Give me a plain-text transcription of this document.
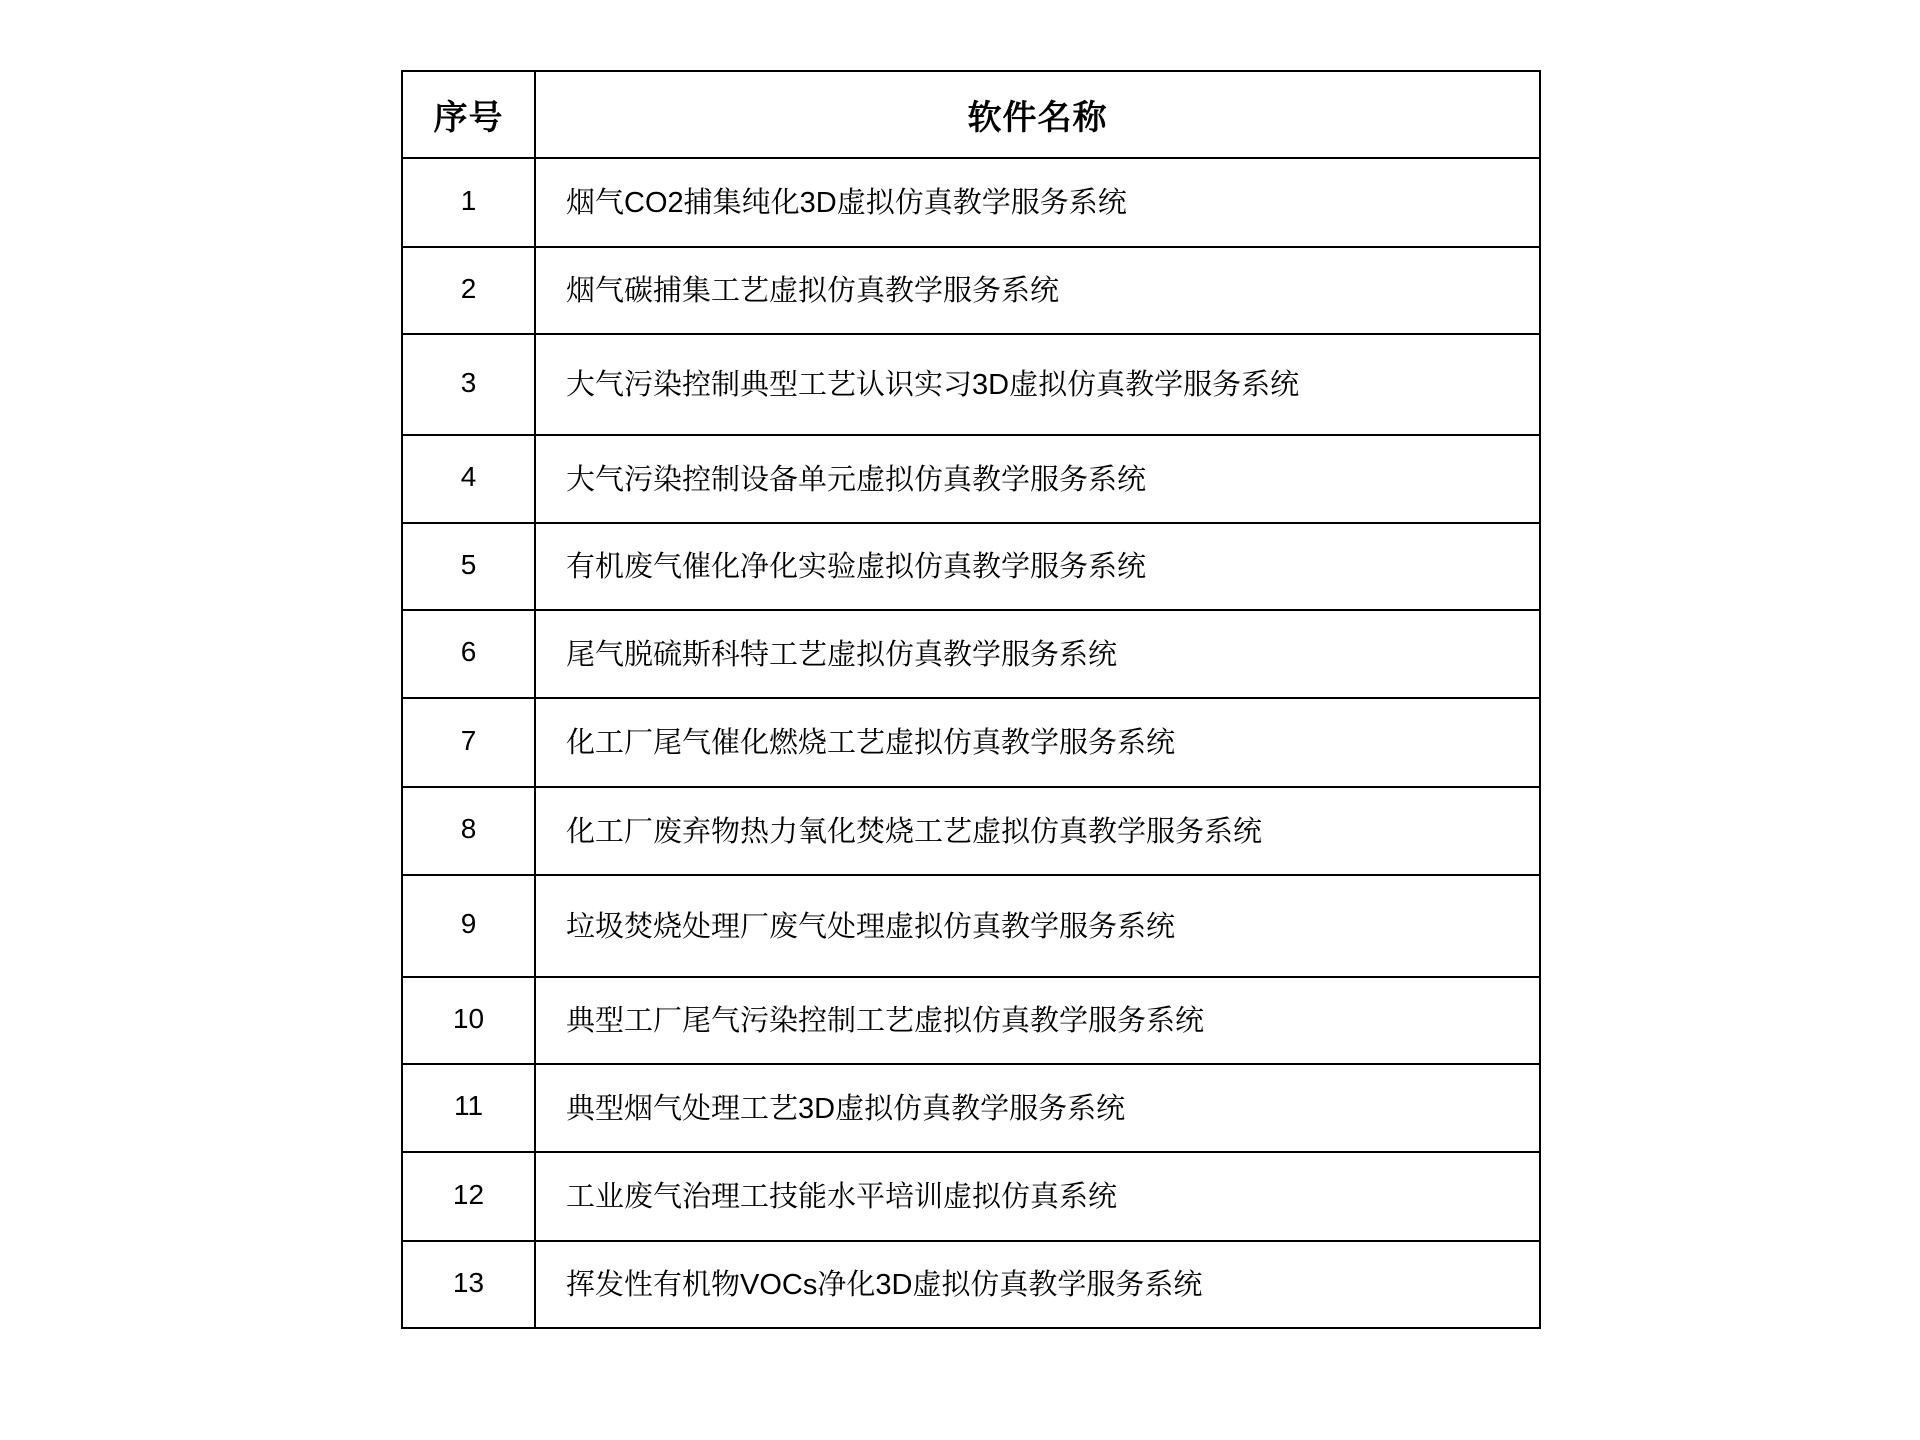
序号	软件名称
1	烟气CO2捕集纯化3D虚拟仿真教学服务系统
2	烟气碳捕集工艺虚拟仿真教学服务系统
3	大气污染控制典型工艺认识实习3D虚拟仿真教学服务系统
4	大气污染控制设备单元虚拟仿真教学服务系统
5	有机废气催化净化实验虚拟仿真教学服务系统
6	尾气脱硫斯科特工艺虚拟仿真教学服务系统
7	化工厂尾气催化燃烧工艺虚拟仿真教学服务系统
8	化工厂废弃物热力氧化焚烧工艺虚拟仿真教学服务系统
9	垃圾焚烧处理厂废气处理虚拟仿真教学服务系统
10	典型工厂尾气污染控制工艺虚拟仿真教学服务系统
11	典型烟气处理工艺3D虚拟仿真教学服务系统
12	工业废气治理工技能水平培训虚拟仿真系统
13	挥发性有机物VOCs净化3D虚拟仿真教学服务系统
